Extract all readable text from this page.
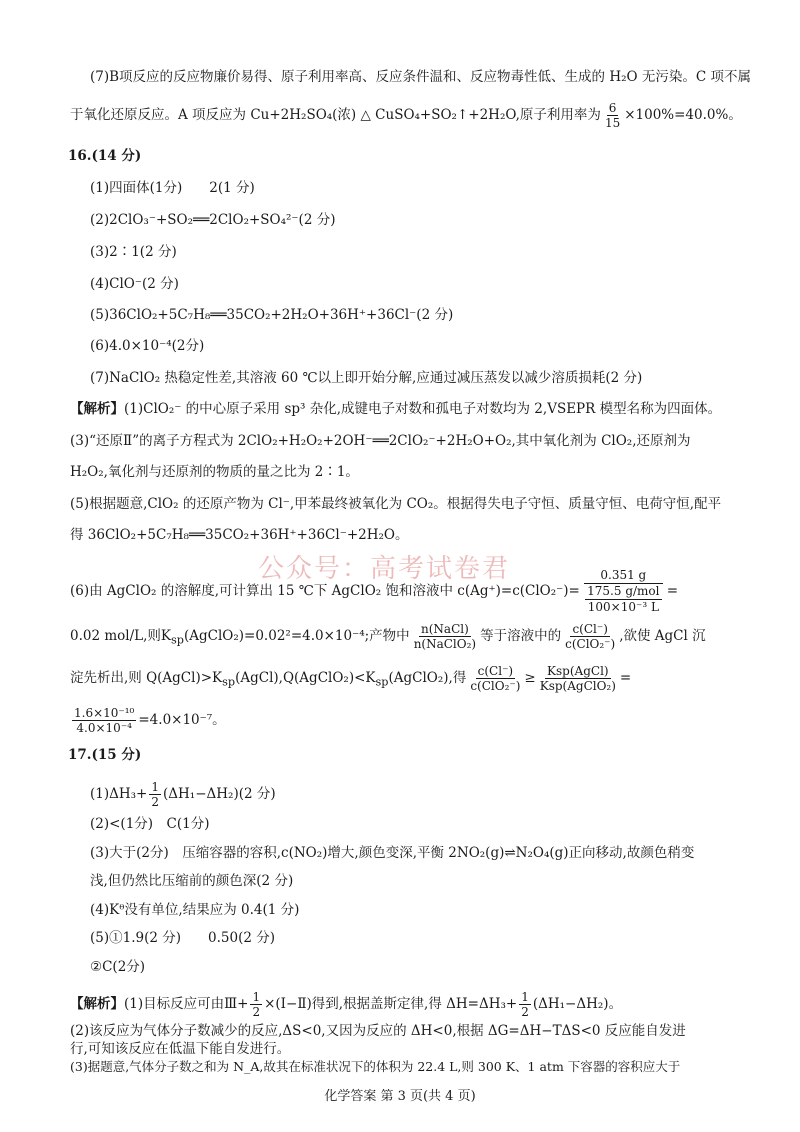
(7)B项反应的反应物廉价易得、原子利用率高、反应条件温和、反应物毒性低、生成的 H₂O 无污染。C 项不属
于氧化还原反应。A 项反应为 Cu+2H₂SO₄(浓) △ CuSO₄+SO₂↑+2H₂O,原子利用率为 $\frac{6}{15} \times 100\%=40.0\%$。
16.(14 分)
(1)四面体(1分)　　2(1 分)
(2)2ClO₃⁻+SO₂══2ClO₂+SO₄²⁻(2 分)
(3)2∶1(2 分)
(4)ClO⁻(2 分)
(5)36ClO₂+5C₇H₈══35CO₂+2H₂O+36H⁺+36Cl⁻(2 分)
(6)4.0×10⁻⁴(2分)
(7)NaClO₂ 热稳定性差,其溶液 60 ℃以上即开始分解,应通过减压蒸发以减少溶质损耗(2 分)
【解析】(1)ClO₂⁻ 的中心原子采用 sp³ 杂化,成键电子对数和孤电子对数均为 2,VSEPR 模型名称为四面体。
(3)“还原Ⅱ”的离子方程式为 2ClO₂+H₂O₂+2OH⁻══2ClO₂⁻+2H₂O+O₂,其中氧化剂为 ClO₂,还原剂为
H₂O₂,氧化剂与还原剂的物质的量之比为 2∶1。
(5)根据题意,ClO₂ 的还原产物为 Cl⁻,甲苯最终被氧化为 CO₂。根据得失电子守恒、质量守恒、电荷守恒,配平
得 36ClO₂+5C₇H₈══35CO₂+36H⁺+36Cl⁻+2H₂O。
(6)由 AgClO₂ 的溶解度,可计算出 15 ℃下 AgClO₂ 饱和溶液中 c(Ag⁺)=c(ClO₂⁻)=
0.351 g
175.5 g/mol
100×10⁻³ L
=
0.02 mol/L,则$K_{sp}(AgClO_2)=0.02^2=4.0\times 10^{-4}$;产物中 $\frac{\text{n(NaCl)}}{\text{n(NaClO₂)}}$ 等于溶液中的 $\frac{c(Cl^-)}{\text{c(ClO₂⁻)}}$ ,欲使 AgCl 沉
淀先析出,则 $Q(AgCl)>K_{sp}(AgCl),Q(AgClO_2)<K_{sp}(AgClO_2)$,得 $\frac{c(Cl^-)}{\text{c(ClO₂⁻)}} \ge \frac{\text{Ksp(AgCl)}}{\text{Ksp(AgClO₂)}}$ =
$\frac{\text{1.6×10⁻¹⁰}}{\text{4.0×10⁻⁴}} =4.0\times 10^{-7}$。
17.(15 分)
$(1)\Delta H_3+ \frac{1}{2} (\Delta H_1-\Delta H_2)(2$ 分)
(2)<(1分)　C(1分)
(3)大于(2分)　压缩容器的容积,c(NO₂)增大,颜色变深,平衡 2NO₂(g)⇌N₂O₄(g)正向移动,故颜色稍变
浅,但仍然比压缩前的颜色深(2 分)
(4)Kᶿ没有单位,结果应为 0.4(1 分)
(5)①1.9(2 分)　　0.50(2 分)
②C(2分)
【解析】(1)目标反应可由Ⅲ+ $\frac{1}{2}$ ×(Ⅰ−Ⅱ)得到,根据盖斯定律,得 $\Delta H=\Delta H_3+ \frac{1}{2} (\Delta H_1-\Delta H_2)$。
(2)该反应为气体分子数减少的反应,ΔS<0,又因为反应的 ΔH<0,根据 ΔG=ΔH−TΔS<0 反应能自发进
行,可知该反应在低温下能自发进行。
(3)据题意,气体分子数之和为 N_A,故其在标准状况下的体积为 22.4 L,则 300 K、1 atm 下容器的容积应大于
公众号：高考试卷君
化学答案 第 3 页(共 4 页)
